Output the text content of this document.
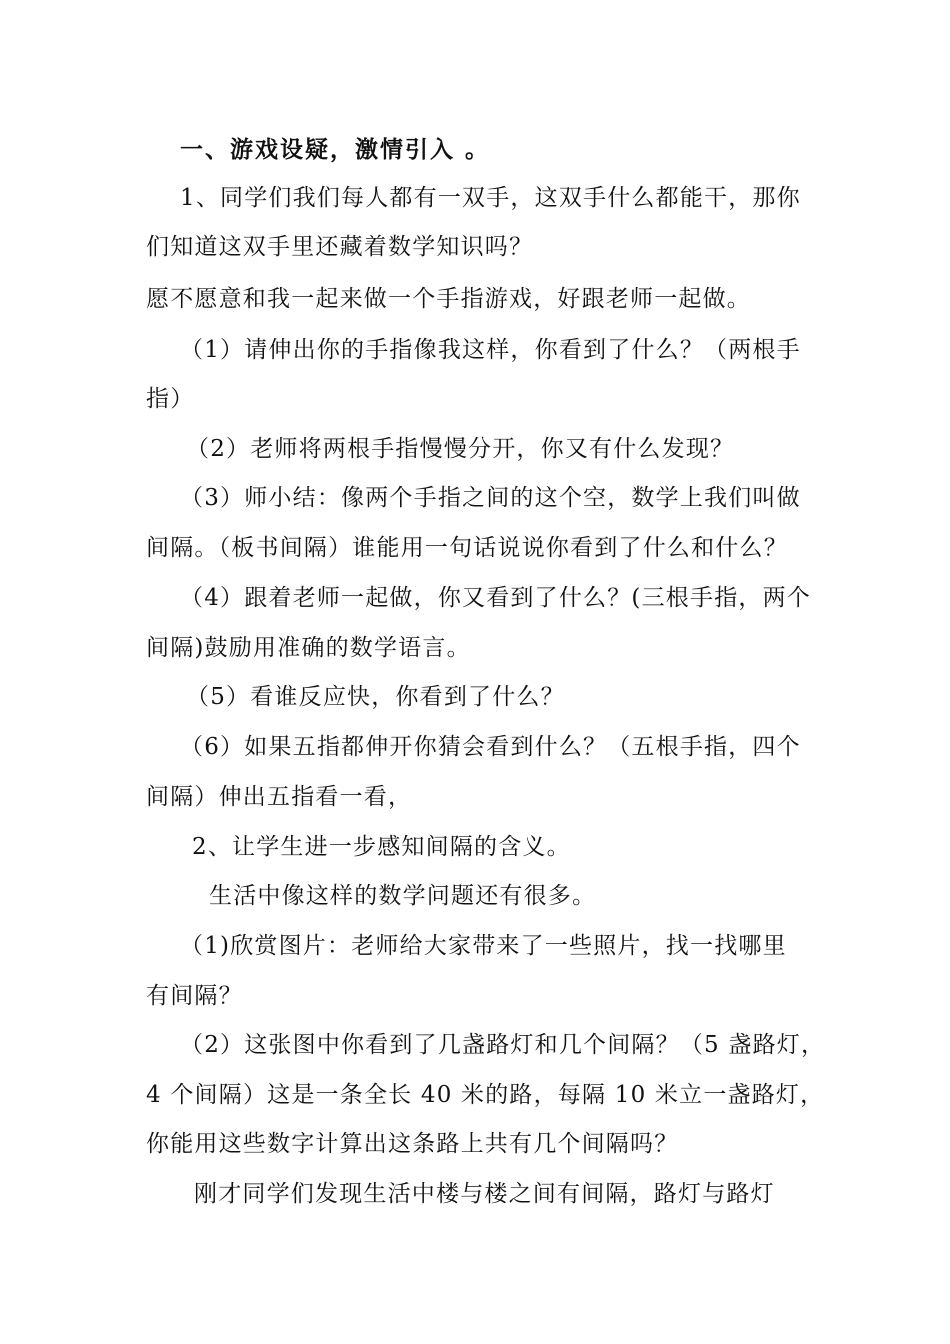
一、游戏设疑，激情引入 。
1、同学们我们每人都有一双手，这双手什么都能干，那你
们知道这双手里还藏着数学知识吗？
愿不愿意和我一起来做一个手指游戏，好跟老师一起做。
（1）请伸出你的手指像我这样，你看到了什么？（两根手
指）
（2）老师将两根手指慢慢分开，你又有什么发现？
（3）师小结：像两个手指之间的这个空，数学上我们叫做
间隔。（板书间隔）谁能用一句话说说你看到了什么和什么？
（4）跟着老师一起做，你又看到了什么？(三根手指，两个
间隔)鼓励用准确的数学语言。
（5）看谁反应快，你看到了什么？
（6）如果五指都伸开你猜会看到什么？（五根手指，四个
间隔）伸出五指看一看，
2、让学生进一步感知间隔的含义。
生活中像这样的数学问题还有很多。
（1)欣赏图片：老师给大家带来了一些照片，找一找哪里
有间隔？
（2）这张图中你看到了几盏路灯和几个间隔？（5 盏路灯，
4 个间隔）这是一条全长 40 米的路，每隔 10 米立一盏路灯，
你能用这些数字计算出这条路上共有几个间隔吗？
刚才同学们发现生活中楼与楼之间有间隔，路灯与路灯
